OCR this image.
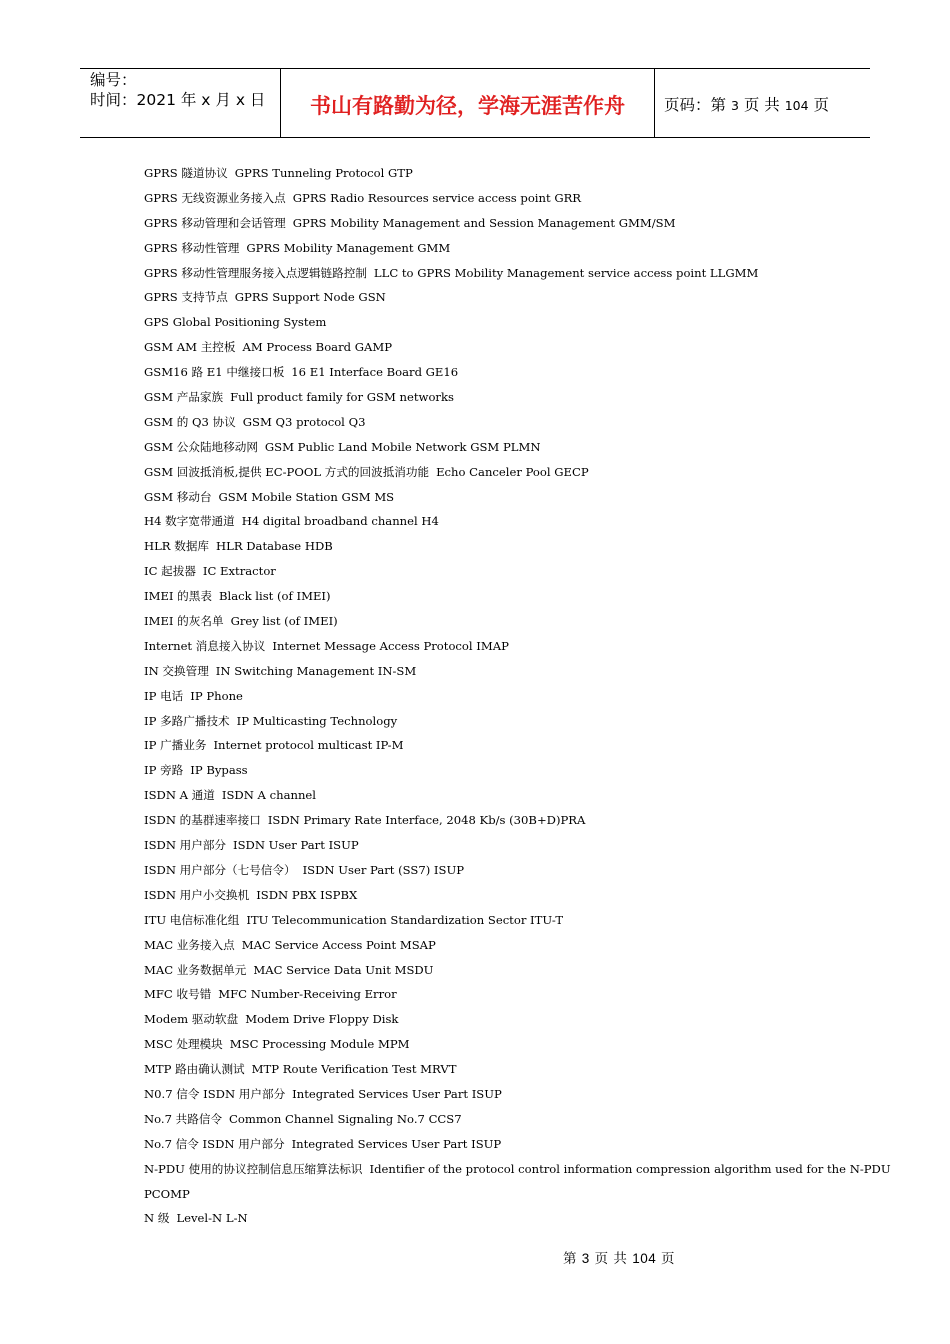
编号：
时间：2021 年 x 月 x 日	书山有路勤为径，学海无涯苦作舟	页码：第 3 页 共 104 页
GPRS 隧道协议 GPRS Tunneling Protocol GTP
GPRS 无线资源业务接入点 GPRS Radio Resources service access point GRR
GPRS 移动管理和会话管理 GPRS Mobility Management and Session Management GMM/SM
GPRS 移动性管理 GPRS Mobility Management GMM
GPRS 移动性管理服务接入点逻辑链路控制 LLC to GPRS Mobility Management service access point LLGMM
GPRS 支持节点 GPRS Support Node GSN
GPS Global Positioning System
GSM AM 主控板 AM Process Board GAMP
GSM16 路 E1 中继接口板 16 E1 Interface Board GE16
GSM 产品家族 Full product family for GSM networks
GSM 的 Q3 协议 GSM Q3 protocol Q3
GSM 公众陆地移动网 GSM Public Land Mobile Network GSM PLMN
GSM 回波抵消板,提供 EC-POOL 方式的回波抵消功能 Echo Canceler Pool GECP
GSM 移动台 GSM Mobile Station GSM MS
H4 数字宽带通道 H4 digital broadband channel H4
HLR 数据库 HLR Database HDB
IC 起拔器 IC Extractor
IMEI 的黑表 Black list (of IMEI)
IMEI 的灰名单 Grey list (of IMEI)
Internet 消息接入协议 Internet Message Access Protocol IMAP
IN 交换管理 IN Switching Management IN-SM
IP 电话 IP Phone
IP 多路广播技术 IP Multicasting Technology
IP 广播业务 Internet protocol multicast IP-M
IP 旁路 IP Bypass
ISDN A 通道 ISDN A channel
ISDN 的基群速率接口 ISDN Primary Rate Interface, 2048 Kb/s (30B+D)PRA
ISDN 用户部分 ISDN User Part ISUP
ISDN 用户部分（七号信令） ISDN User Part (SS7) ISUP
ISDN 用户小交换机 ISDN PBX ISPBX
ITU 电信标准化组 ITU Telecommunication Standardization Sector ITU-T
MAC 业务接入点 MAC Service Access Point MSAP
MAC 业务数据单元 MAC Service Data Unit MSDU
MFC 收号错 MFC Number-Receiving Error
Modem 驱动软盘 Modem Drive Floppy Disk
MSC 处理模块 MSC Processing Module MPM
MTP 路由确认测试 MTP Route Verification Test MRVT
N0.7 信令 ISDN 用户部分 Integrated Services User Part ISUP
No.7 共路信令 Common Channel Signaling No.7 CCS7
No.7 信令 ISDN 用户部分 Integrated Services User Part ISUP
N-PDU 使用的协议控制信息压缩算法标识 Identifier of the protocol control information compression algorithm used for the N-PDU
PCOMP
N 级 Level-N L-N
第 3 页 共 104 页
